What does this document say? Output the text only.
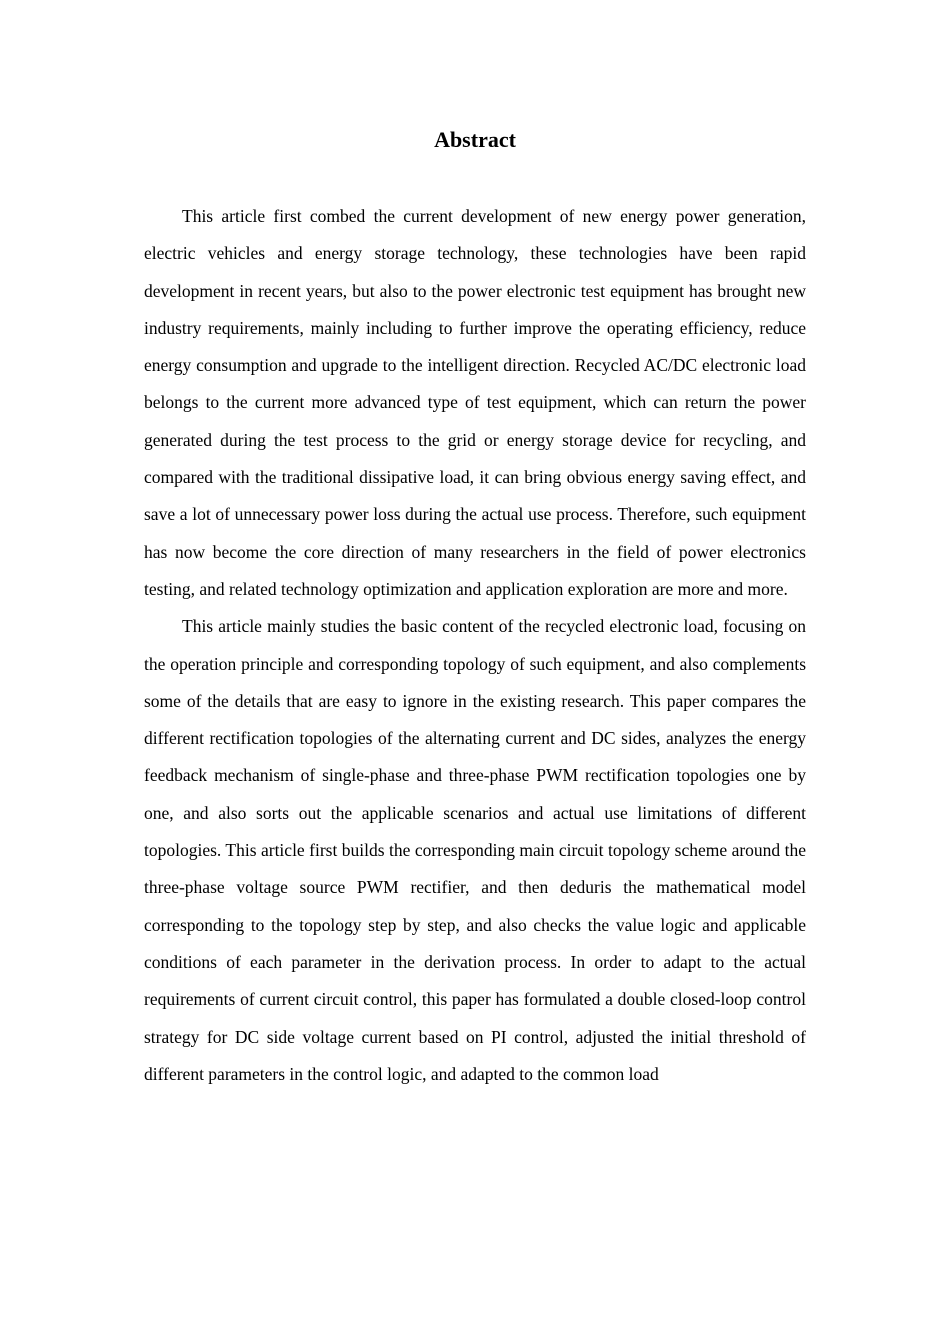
Abstract

This article first combed the current development of new energy power generation, electric vehicles and energy storage technology, these technologies have been rapid development in recent years, but also to the power electronic test equipment has brought new industry requirements, mainly including to further improve the operating efficiency, reduce energy consumption and upgrade to the intelligent direction. Recycled AC/DC electronic load belongs to the current more advanced type of test equipment, which can return the power generated during the test process to the grid or energy storage device for recycling, and compared with the traditional dissipative load, it can bring obvious energy saving effect, and save a lot of unnecessary power loss during the actual use process. Therefore, such equipment has now become the core direction of many researchers in the field of power electronics testing, and related technology optimization and application exploration are more and more.

This article mainly studies the basic content of the recycled electronic load, focusing on the operation principle and corresponding topology of such equipment, and also complements some of the details that are easy to ignore in the existing research. This paper compares the different rectification topologies of the alternating current and DC sides, analyzes the energy feedback mechanism of single-phase and three-phase PWM rectification topologies one by one, and also sorts out the applicable scenarios and actual use limitations of different topologies. This article first builds the corresponding main circuit topology scheme around the three-phase voltage source PWM rectifier, and then deduris the mathematical model corresponding to the topology step by step, and also checks the value logic and applicable conditions of each parameter in the derivation process. In order to adapt to the actual requirements of current circuit control, this paper has formulated a double closed-loop control strategy for DC side voltage current based on PI control, adjusted the initial threshold of different parameters in the control logic, and adapted to the common load
